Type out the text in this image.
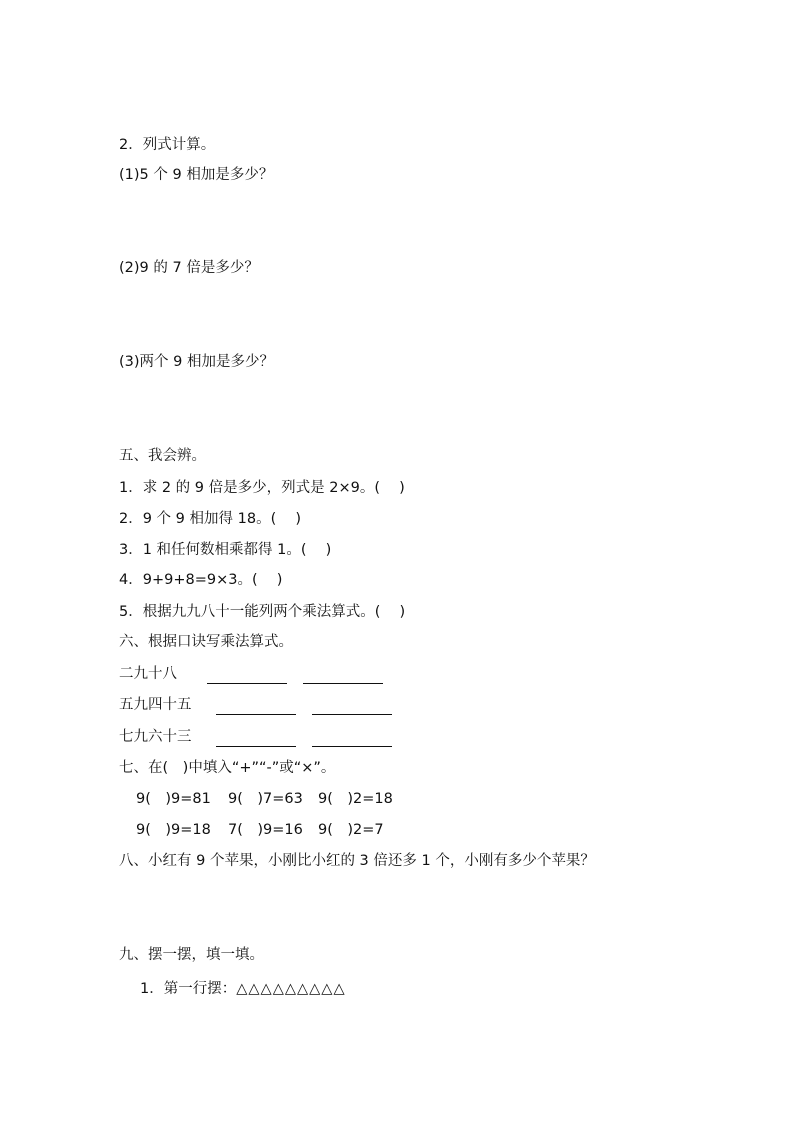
2．列式计算。
(1)5 个 9 相加是多少？
(2)9 的 7 倍是多少？
(3)两个 9 相加是多少？
五、我会辨。
1．求 2 的 9 倍是多少，列式是 2×9。(　 )
2．9 个 9 相加得 18。(　 )
3．1 和任何数相乘都得 1。(　 )
4．9+9+8=9×3。(　 )
5．根据九九八十一能列两个乘法算式。(　 )
六、根据口诀写乘法算式。
二九十八
五九四十五
七九六十三
七、在(　)中填入“+”“-”或“×”。
9(　)9=81 9(　)7=63 9(　)2=18
9(　)9=18 7(　)9=16 9(　)2=7
八、小红有 9 个苹果，小刚比小红的 3 倍还多 1 个，小刚有多少个苹果？
九、摆一摆，填一填。
1．第一行摆：△△△△△△△△△
